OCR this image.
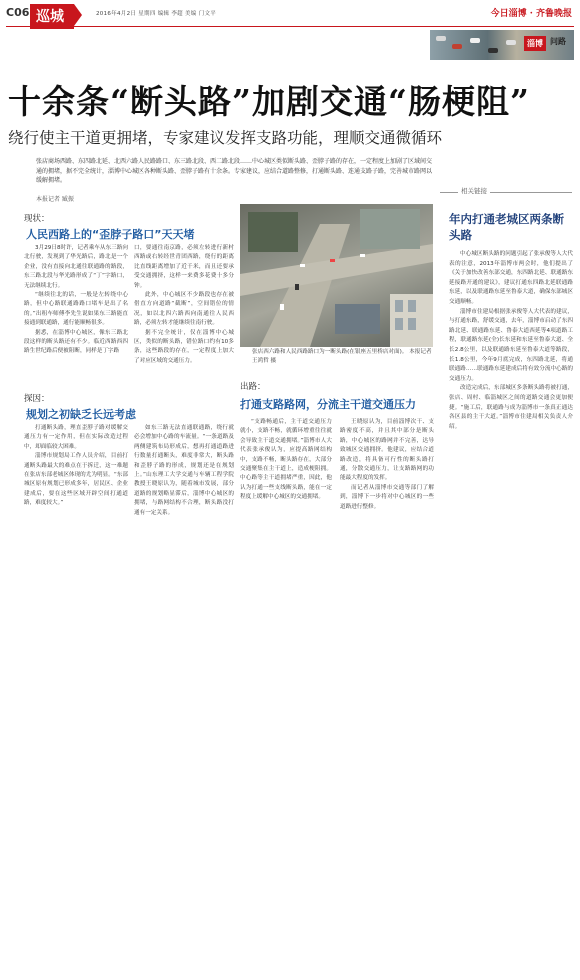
C06 巡城	2016年4月2日 星期四 编辑 李超 美编 门文平	今日淄博 · 齐鲁晚报
淄博 问路
十余条“断头路”加剧交通“肠梗阻”
绕行使主干道更拥堵，专家建议发挥支路功能，理顺交通微循环
张店商场西路、东四路北延、北西六路人民路路口、东三路北段、西二路北段……中心城区类似断头路、歪脖子路的存在，一定程度上加剧了区域间交通的拥堵，据不完全统计，淄博中心城区各种断头路、歪脖子路有十余条。专家建议，应结合道路整修，打通断头路、连通支路子路，完善城市路网以缓解拥堵。
本报记者 臧振
现状：
人民西路上的“歪脖子路口”天天堵

3月29日8时许，记者乘车从东三路向北行驶，发现到了华光路后，路北是一个企业，没有直接向北通往联通路的路段，东三路北段与华光路形成了“丁”字路口，无法继续北行。

“继续往北的话，一般是左转绕中心路，但中心路联通路路口堵车是出了名的。”出租车师傅李先生说如果东三路能直接通到联通路，通行能顺畅很多。

据悉，在淄博中心城区，像东三路北段这样的断头路还有不少。临近西路西四路生世纪路后便被阻断，同样是丁字路

口，要通往南京路，必须左转进行新村西路或右转经世青团西路，绕行的距离比直线距离增加了近千米，而且还要承受交通拥挤，这样一来费多花费十多分钟。

此外，中心城区不少路段也存在被借直方向道路“截断”，空间错位的情况，如以北四六路西向南通往人民西路，必须左转才能继续往南行驶。

据不完全统计，仅在淄博中心城区，类似的断头路，错位路口约有10多条，这些路段的存在，一定程度上加大了对应区域的交通压力。

张店西六路和人民西路路口为一断头路(在银座五里桥店对面)。 本报记者 王鸿哲 摄
探因：
规划之初缺乏长远考虑

打通断头路，理直歪脖子路对缓解交通压力有一定作用，但在实际改造过程中，却面临较大困难。

淄博市规划局工作人员介绍，目前打通断头路最大的难点在于拆迁，这一难题在张店东部老城区体现的尤为明显。“东部城区原有规划已形成多年，居民区、企业建成后，要在这些区域开辟空间打通道路，难度较大。”

如东三路无法直通联通路，绕行就必会增加中心路的车流量。“一条道路及两侧建筑布局形成后，想再打通道路进行数量打通断头，难度非常大，断头路和歪脖子路的形成，规划还是在规划上。”山东理工大学交通与车辆工程学院教授王晓原认为，随着城市发展，部分道路的规划略显滞后，淄博中心城区的拥堵，与路网结构不合理，断头路没打通有一定关系。

出路：
打通支路路网，分流主干道交通压力

“支路畅通后，主干道交通压力就小，支路不畅，就循环增重往往就会导致主干道交通拥堵。”淄博市人大代表张承俊认为，应提高路网结构中，支路不畅，断头路存在，大部分交通聚集在主干道上，造成梗阻拥。中心路等主干道拥堵严重，因此，他认为打通一些支线断头路，能在一定程度上缓解中心城区的交通拥堵。

王晓原认为，目前淄博次干、支路密度不高，并且其中部分是断头路，中心城区的路网并不完善，达导致城区交通拥挤。他建议，应结合道路改造，将具备可行性的断头路打通，分散交通压力，让支路路网的功能最大程度的发挥。

而记者从淄博市交通等部门了解到，淄博下一步将对中心城区的一些道路进行整修。

相关链接
年内打通老城区两条断头路

中心城区断头路的问题引起了张承俊等人大代表的注意，2013年淄博市两会时，他们提出了《关于加快改善东部交通，东四路北延、联通路东延接路开通的建议》，建议打通东四路北延联通路东延，以及联通路东延至鲁泰大道，确保东部城区交通顺畅。

淄博市住建局根据张承俊等人大代表的建议，与打通东路，舒缓交通，去年，淄博市启动了东四路北延、联通路东延、鲁泰大道西延等4项道路工程，联通路东延(全)长东延和东延至鲁泰大道、全长2.8公里，以及联通路东延至鲁泰大道等路段，长1.8公里，今年9月底完成，东四路北延，将通联通路……联通路东延建成后将有效分流中心路的交通压力。

改造完成后，东部城区多条断头路将被打通，张店、周村、临淄城区之间的道路交通会更加便捷。“施工后，联通路与成为淄博市一条真正通达各区县的主干大道。”淄博市住建局相关负责人介绍。
